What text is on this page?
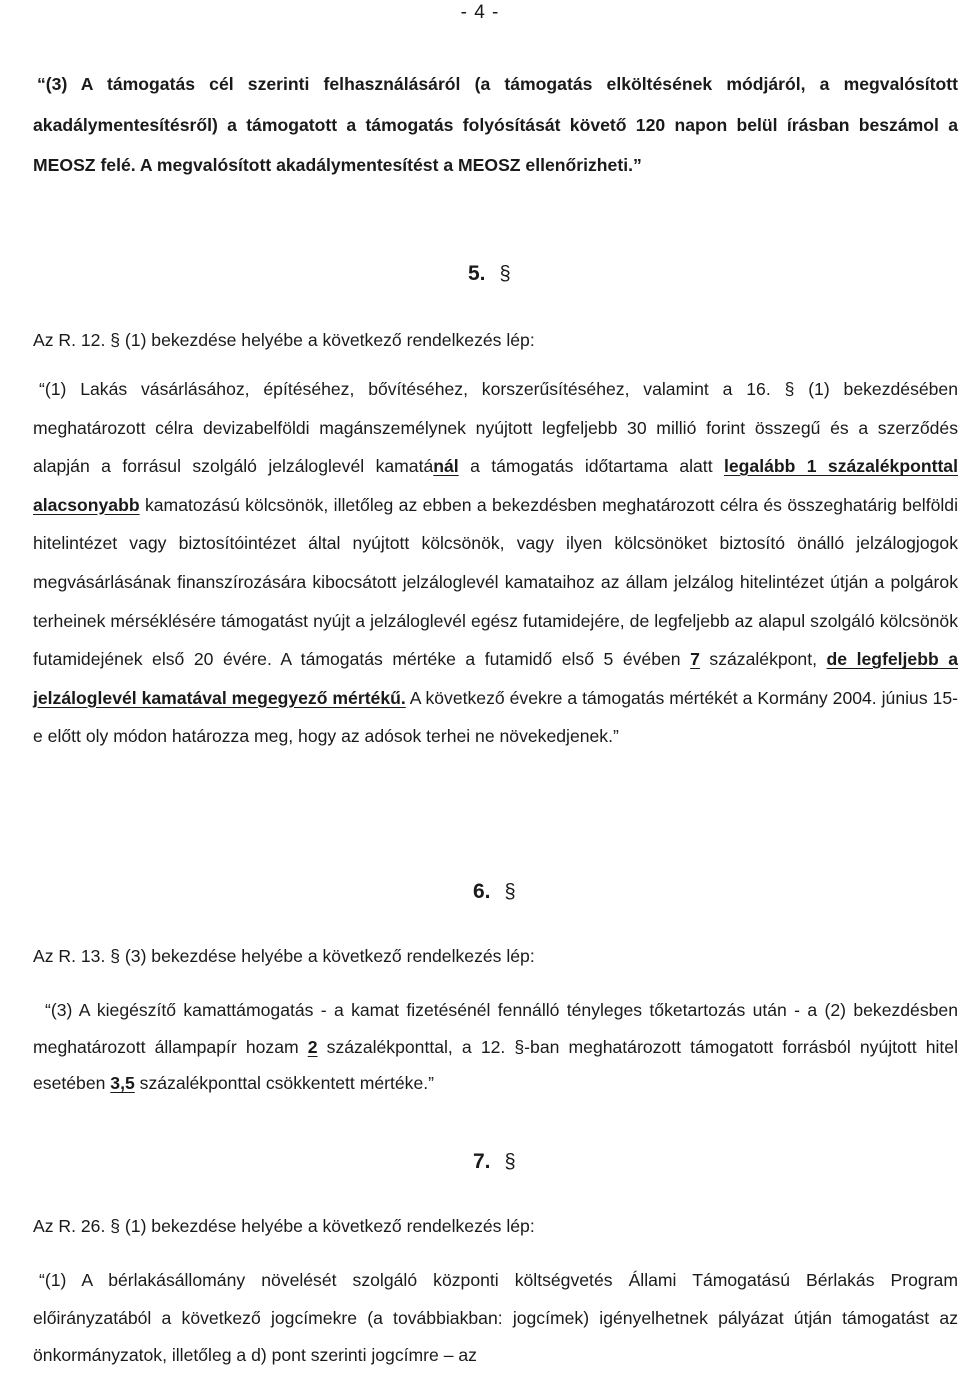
- 4 -
“(3) A támogatás cél szerinti felhasználásáról (a támogatás elköltésének módjáról, a megvalósított akadálymentesítésről) a támogatott a támogatás folyósítását követő 120 napon belül írásban beszámol a MEOSZ felé. A megvalósított akadálymentesítést a MEOSZ ellenőrizheti.”
5. §
Az R. 12. § (1) bekezdése helyébe a következő rendelkezés lép:
“(1) Lakás vásárlásához, építéséhez, bővítéséhez, korszerűsítéséhez, valamint a 16. § (1) bekezdésében meghatározott célra devizabelföldi magánszemélynek nyújtott legfeljebb 30 millió forint összegű és a szerződés alapján a forrásul szolgáló jelzáloglevél kamatánál a támogatás időtartama alatt legalább 1 százalékponttal alacsonyabb kamatozású kölcsönök, illetőleg az ebben a bekezdésben meghatározott célra és összeghatárig belföldi hitelintézet vagy biztosítóintézet által nyújtott kölcsönök, vagy ilyen kölcsönöket biztosító önálló jelzálogjogok megvásárlásának finanszírozására kibocsátott jelzáloglevél kamataihoz az állam jelzálog hitelintézet útján a polgárok terheinek mérséklésére támogatást nyújt a jelzáloglevél egész futamidejére, de legfeljebb az alapul szolgáló kölcsönök futamidejének első 20 évére. A támogatás mértéke a futamidő első 5 évében 7 százalékpont, de legfeljebb a jelzáloglevél kamatával megegyező mértékű. A következő évekre a támogatás mértékét a Kormány 2004. június 15-e előtt oly módon határozza meg, hogy az adósok terhei ne növekedjenek.”
6. §
Az R. 13. § (3) bekezdése helyébe a következő rendelkezés lép:
“(3) A kiegészítő kamattámogatás - a kamat fizetésénél fennálló tényleges tőketartozás után - a (2) bekezdésben meghatározott állampapír hozam 2 százalékponttal, a 12. §-ban meghatározott támogatott forrásból nyújtott hitel esetében 3,5 százalékponttal csökkentett mértéke.”
7. §
Az R. 26. § (1) bekezdése helyébe a következő rendelkezés lép:
“(1) A bérlakásállomány növelését szolgáló központi költségvetés Állami Támogatású Bérlakás Program előirányzatából a következő jogcímekre (a továbbiakban: jogcímek) igényelhetnek pályázat útján támogatást az önkormányzatok, illetőleg a d) pont szerinti jogcímre – az
